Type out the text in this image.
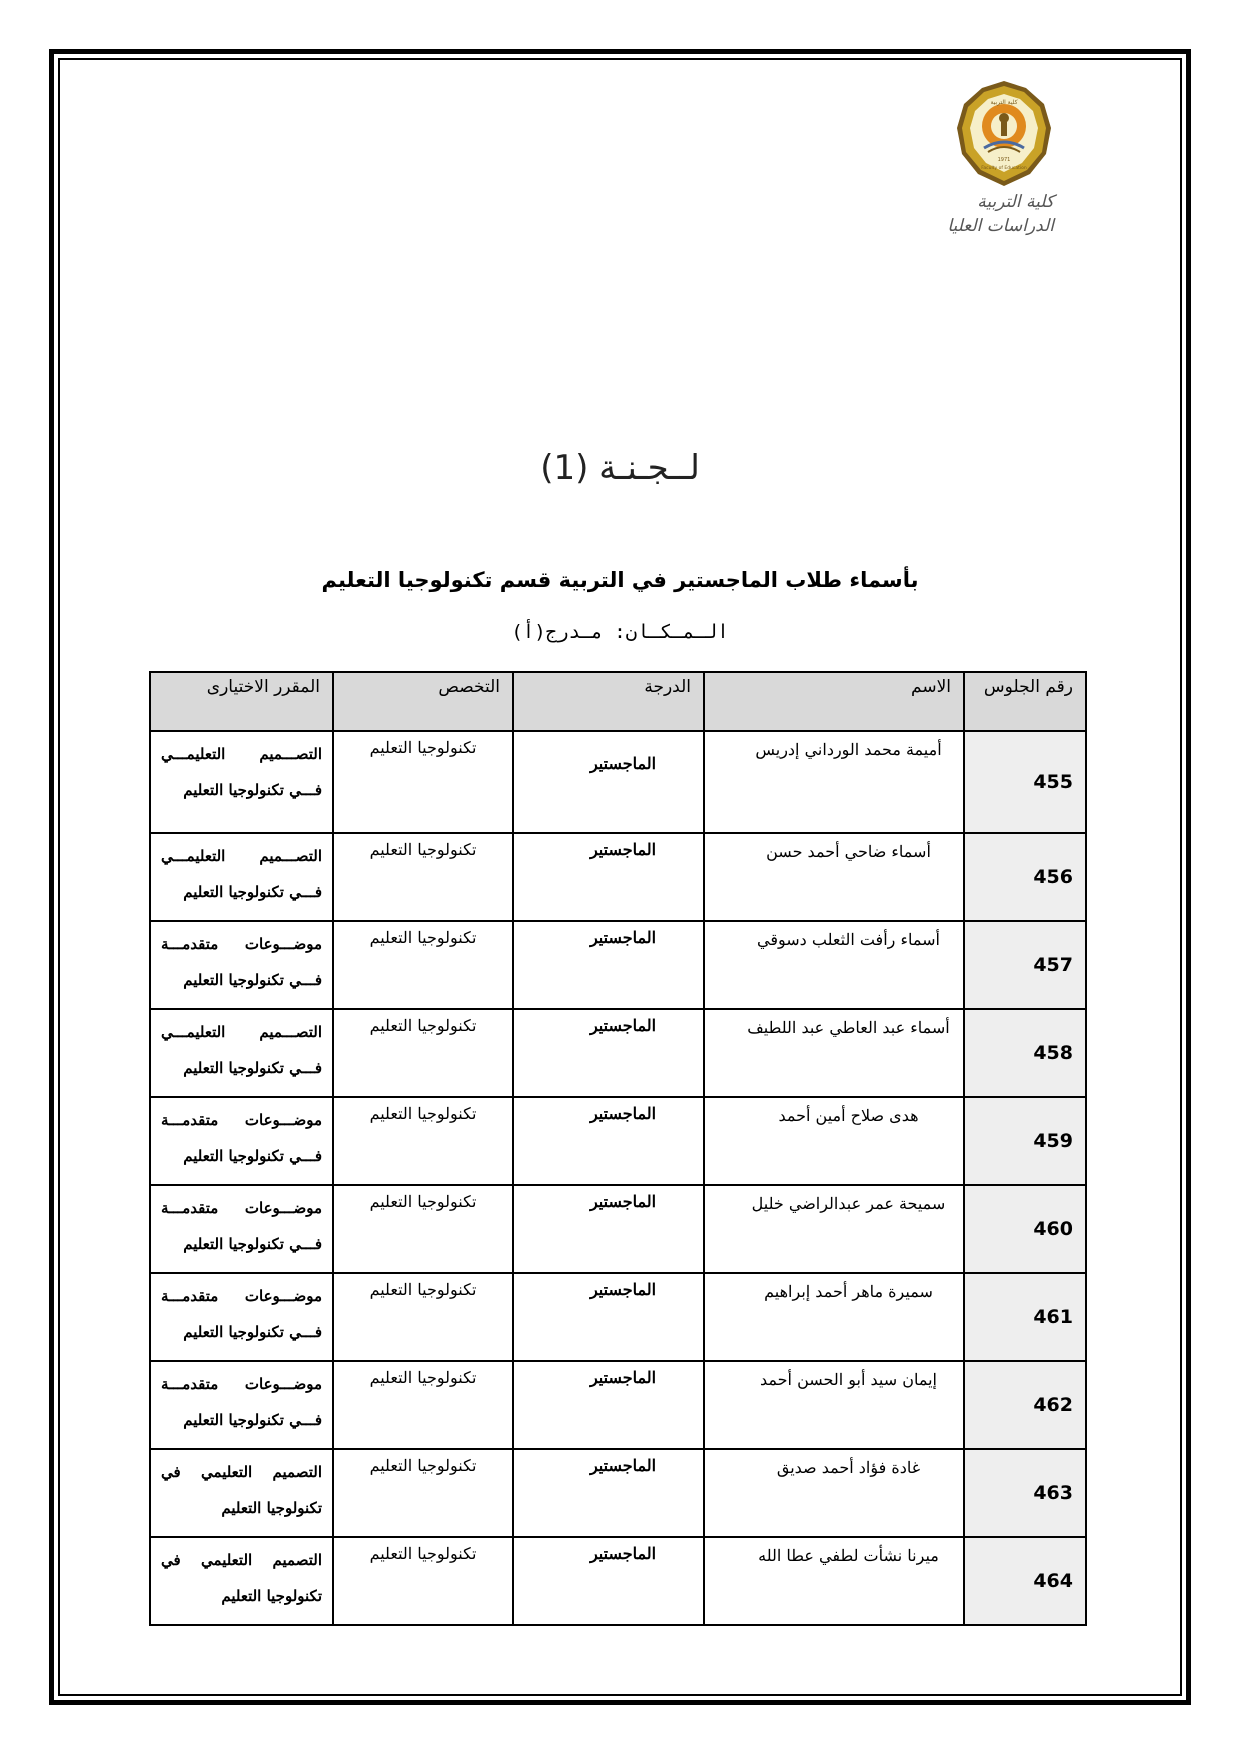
كلية التربية
1971
Faculty of Education
كلية التربية
الدراسات العليا
لــجـنـة (1)
بأسماء طلاب الماجستير في التربية قسم تكنولوجيا التعليم
الـمـكـان: مـدرج(أ)
رقم الجلوس	الاسم	الدرجة	التخصص	المقرر الاختيارى
455	أميمة محمد الورداني إدريس	الماجستير	تكنولوجيا التعليم	التصـــميم التعليمـــي فـــي تكنولوجيا التعليم
456	أسماء ضاحي أحمد حسن	الماجستير	تكنولوجيا التعليم	التصـــميم التعليمـــي فـــي تكنولوجيا التعليم
457	أسماء رأفت الثعلب دسوقي	الماجستير	تكنولوجيا التعليم	موضـــوعات متقدمـــة فـــي تكنولوجيا التعليم
458	أسماء عبد العاطي عبد اللطيف	الماجستير	تكنولوجيا التعليم	التصـــميم التعليمـــي فـــي تكنولوجيا التعليم
459	هدى صلاح أمين أحمد	الماجستير	تكنولوجيا التعليم	موضـــوعات متقدمـــة فـــي تكنولوجيا التعليم
460	سميحة عمر عبدالراضي خليل	الماجستير	تكنولوجيا التعليم	موضـــوعات متقدمـــة فـــي تكنولوجيا التعليم
461	سميرة ماهر أحمد إبراهيم	الماجستير	تكنولوجيا التعليم	موضـــوعات متقدمـــة فـــي تكنولوجيا التعليم
462	إيمان سيد أبو الحسن أحمد	الماجستير	تكنولوجيا التعليم	موضـــوعات متقدمـــة فـــي تكنولوجيا التعليم
463	غادة فؤاد أحمد صديق	الماجستير	تكنولوجيا التعليم	التصميم التعليمي في تكنولوجيا التعليم
464	ميرنا نشأت لطفي عطا الله	الماجستير	تكنولوجيا التعليم	التصميم التعليمي في تكنولوجيا التعليم
